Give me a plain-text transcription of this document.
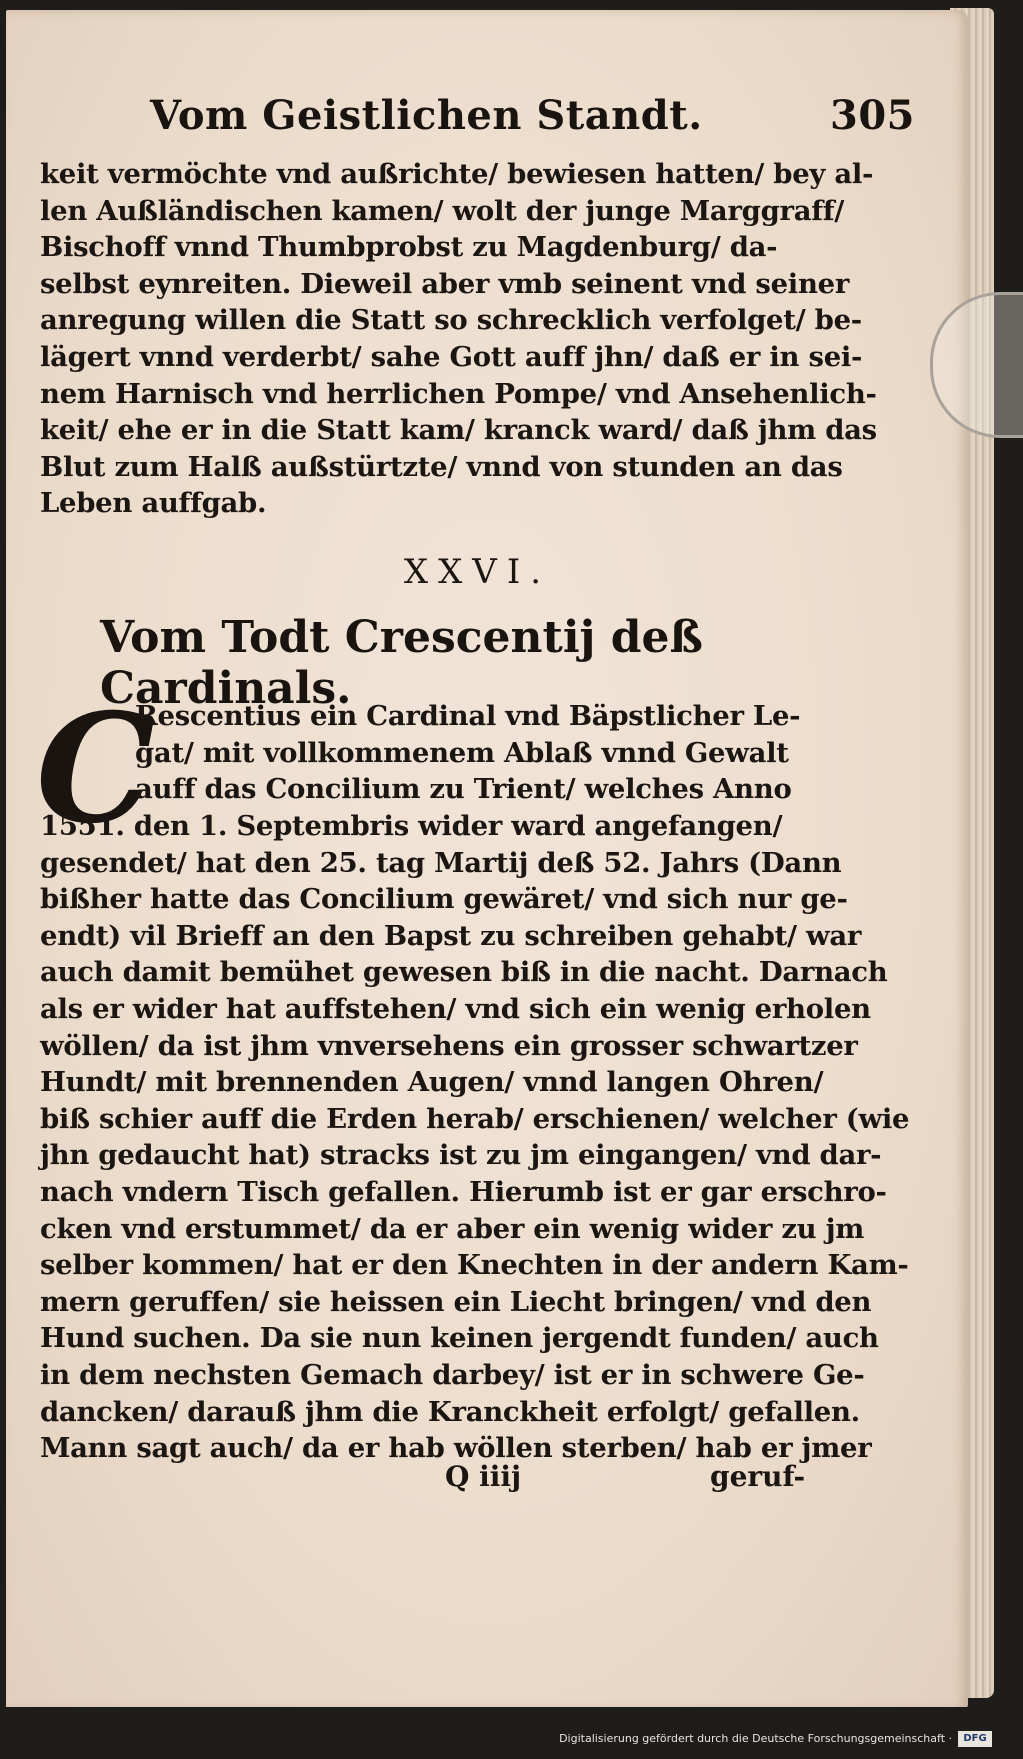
Vom Geistlichen Standt.	305
keit vermöchte vnd außrichte/ bewiesen hatten/ bey al-
len Außländischen kamen/ wolt der junge Marggraff/
Bischoff vnnd Thumbprobst zu Magdenburg/ da-
selbst eynreiten. Dieweil aber vmb seinent vnd seiner
anregung willen die Statt so schrecklich verfolget/ be-
lägert vnnd verderbt/ sahe Gott auff jhn/ daß er in sei-
nem Harnisch vnd herrlichen Pompe/ vnd Ansehenlich-
keit/ ehe er in die Statt kam/ kranck ward/ daß jhm das
Blut zum Halß außstürtzte/ vnnd von stunden an das
Leben auffgab.
XXVI.
Vom Todt Crescentij deß Cardinals.
C
Rescentius ein Cardinal vnd Bäpstlicher Le-
gat/ mit vollkommenem Ablaß vnnd Gewalt
auff das Concilium zu Trient/ welches Anno
1551. den 1. Septembris wider ward angefangen/
gesendet/ hat den 25. tag Martij deß 52. Jahrs (Dann
bißher hatte das Concilium gewäret/ vnd sich nur ge-
endt) vil Brieff an den Bapst zu schreiben gehabt/ war
auch damit bemühet gewesen biß in die nacht. Darnach
als er wider hat auffstehen/ vnd sich ein wenig erholen
wöllen/ da ist jhm vnversehens ein grosser schwartzer
Hundt/ mit brennenden Augen/ vnnd langen Ohren/
biß schier auff die Erden herab/ erschienen/ welcher (wie
jhn gedaucht hat) stracks ist zu jm eingangen/ vnd dar-
nach vndern Tisch gefallen. Hierumb ist er gar erschro-
cken vnd erstummet/ da er aber ein wenig wider zu jm
selber kommen/ hat er den Knechten in der andern Kam-
mern geruffen/ sie heissen ein Liecht bringen/ vnd den
Hund suchen. Da sie nun keinen jergendt funden/ auch
in dem nechsten Gemach darbey/ ist er in schwere Ge-
dancken/ darauß jhm die Kranckheit erfolgt/ gefallen.
Mann sagt auch/ da er hab wöllen sterben/ hab er jmer
Q iiij	geruf-
Digitalisierung gefördert durch die Deutsche Forschungsgemeinschaft ·	DFG
